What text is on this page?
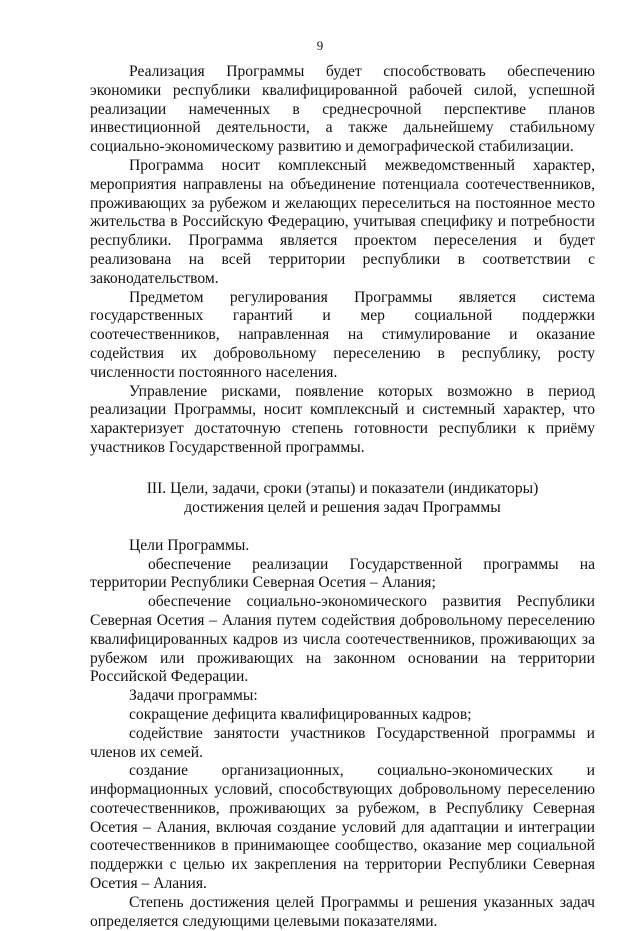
9

Реализация Программы будет способствовать обеспечению экономики республики квалифицированной рабочей силой, успешной реализации намеченных в среднесрочной перспективе планов инвестиционной деятельности, а также дальнейшему стабильному социально-экономическому развитию и демографической стабилизации.

Программа носит комплексный межведомственный характер, мероприятия направлены на объединение потенциала соотечественников, проживающих за рубежом и желающих переселиться на постоянное место жительства в Российскую Федерацию, учитывая специфику и потребности республики. Программа является проектом переселения и будет реализована на всей территории республики в соответствии с законодательством.

Предметом регулирования Программы является система государственных гарантий и мер социальной поддержки соотечественников, направленная на стимулирование и оказание содействия их добровольному переселению в республику, росту численности постоянного населения.

Управление рисками, появление которых возможно в период реализации Программы, носит комплексный и системный характер, что характеризует достаточную степень готовности республики к приёму участников Государственной программы.

III. Цели, задачи, сроки (этапы) и показатели (индикаторы)
достижения целей и решения задач Программы

Цели Программы.

обеспечение реализации Государственной программы на территории Республики Северная Осетия – Алания;

обеспечение социально-экономического развития Республики Северная Осетия – Алания путем содействия добровольному переселению квалифицированных кадров из числа соотечественников, проживающих за рубежом или проживающих на законном основании на территории Российской Федерации.

Задачи программы:

сокращение дефицита квалифицированных кадров;

содействие занятости участников Государственной программы и членов их семей.

создание организационных, социально-экономических и информационных условий, способствующих добровольному переселению соотечественников, проживающих за рубежом, в Республику Северная Осетия – Алания, включая создание условий для адаптации и интеграции соотечественников в принимающее сообщество, оказание мер социальной поддержки с целью их закрепления на территории Республики Северная Осетия – Алания.

Степень достижения целей Программы и решения указанных задач определяется следующими целевыми показателями.
